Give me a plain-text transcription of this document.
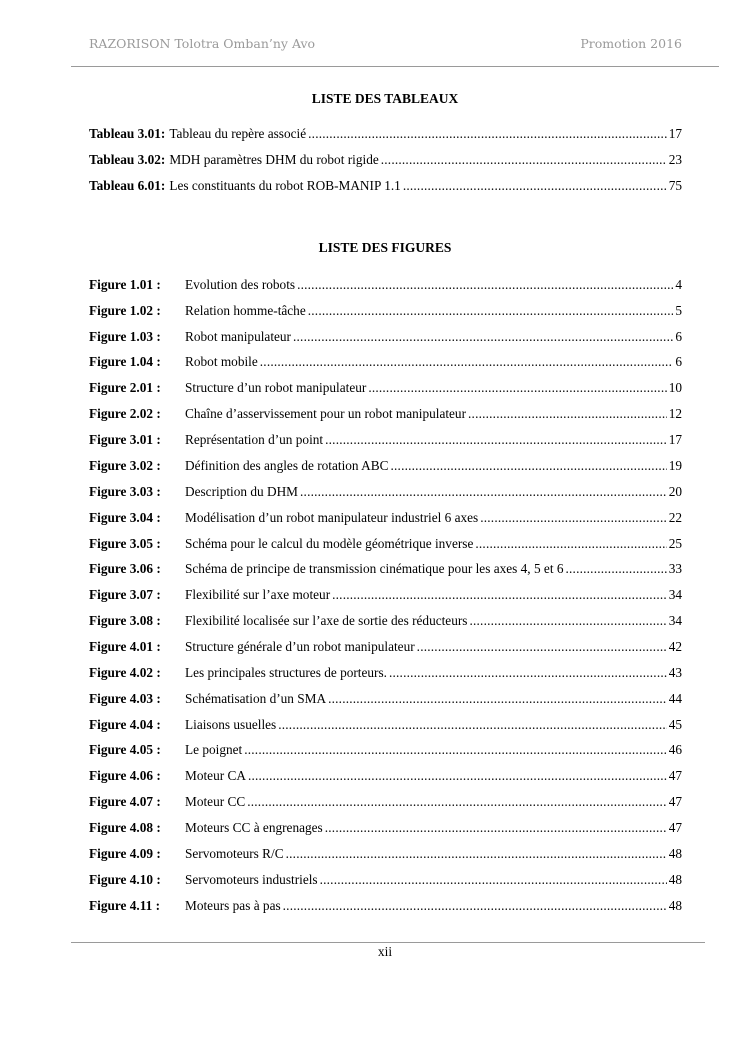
RAZORISON Tolotra Omban’ny Avo	Promotion 2016
LISTE DES TABLEAUX
Tableau 3.01: Tableau du repère associé .....	17
Tableau 3.02: MDH paramètres DHM du robot rigide .....	23
Tableau 6.01: Les constituants du robot ROB-MANIP 1.1 .....	75
LISTE DES FIGURES
Figure 1.01 :	Evolution des robots .....	4
Figure 1.02 :	Relation homme-tâche .....	5
Figure 1.03 :	Robot manipulateur .....	6
Figure 1.04 :	Robot mobile .....	6
Figure 2.01 :	Structure d’un robot manipulateur .....	10
Figure 2.02 :	Chaîne d’asservissement pour un robot manipulateur .....	12
Figure 3.01 :	Représentation d’un point .....	17
Figure 3.02 :	Définition des angles de rotation ABC .....	19
Figure 3.03 :	Description du DHM .....	20
Figure 3.04 :	Modélisation d’un robot manipulateur industriel 6 axes .....	22
Figure 3.05 :	Schéma pour le calcul du modèle géométrique inverse .....	25
Figure 3.06 :	Schéma de principe de transmission cinématique pour les axes 4, 5 et 6 .....	33
Figure 3.07 :	Flexibilité sur l’axe moteur .....	34
Figure 3.08 :	Flexibilité localisée sur l’axe de sortie des réducteurs .....	34
Figure 4.01 :	Structure générale d’un robot manipulateur .....	42
Figure 4.02 :	Les principales structures de porteurs. .....	43
Figure 4.03 :	Schématisation d’un SMA .....	44
Figure 4.04 :	Liaisons usuelles .....	45
Figure 4.05 :	Le poignet .....	46
Figure 4.06 :	Moteur CA .....	47
Figure 4.07 :	Moteur CC .....	47
Figure 4.08 :	Moteurs CC à engrenages .....	47
Figure 4.09 :	Servomoteurs R/C .....	48
Figure 4.10 :	Servomoteurs industriels .....	48
Figure 4.11 :	Moteurs pas à pas .....	48
xii
